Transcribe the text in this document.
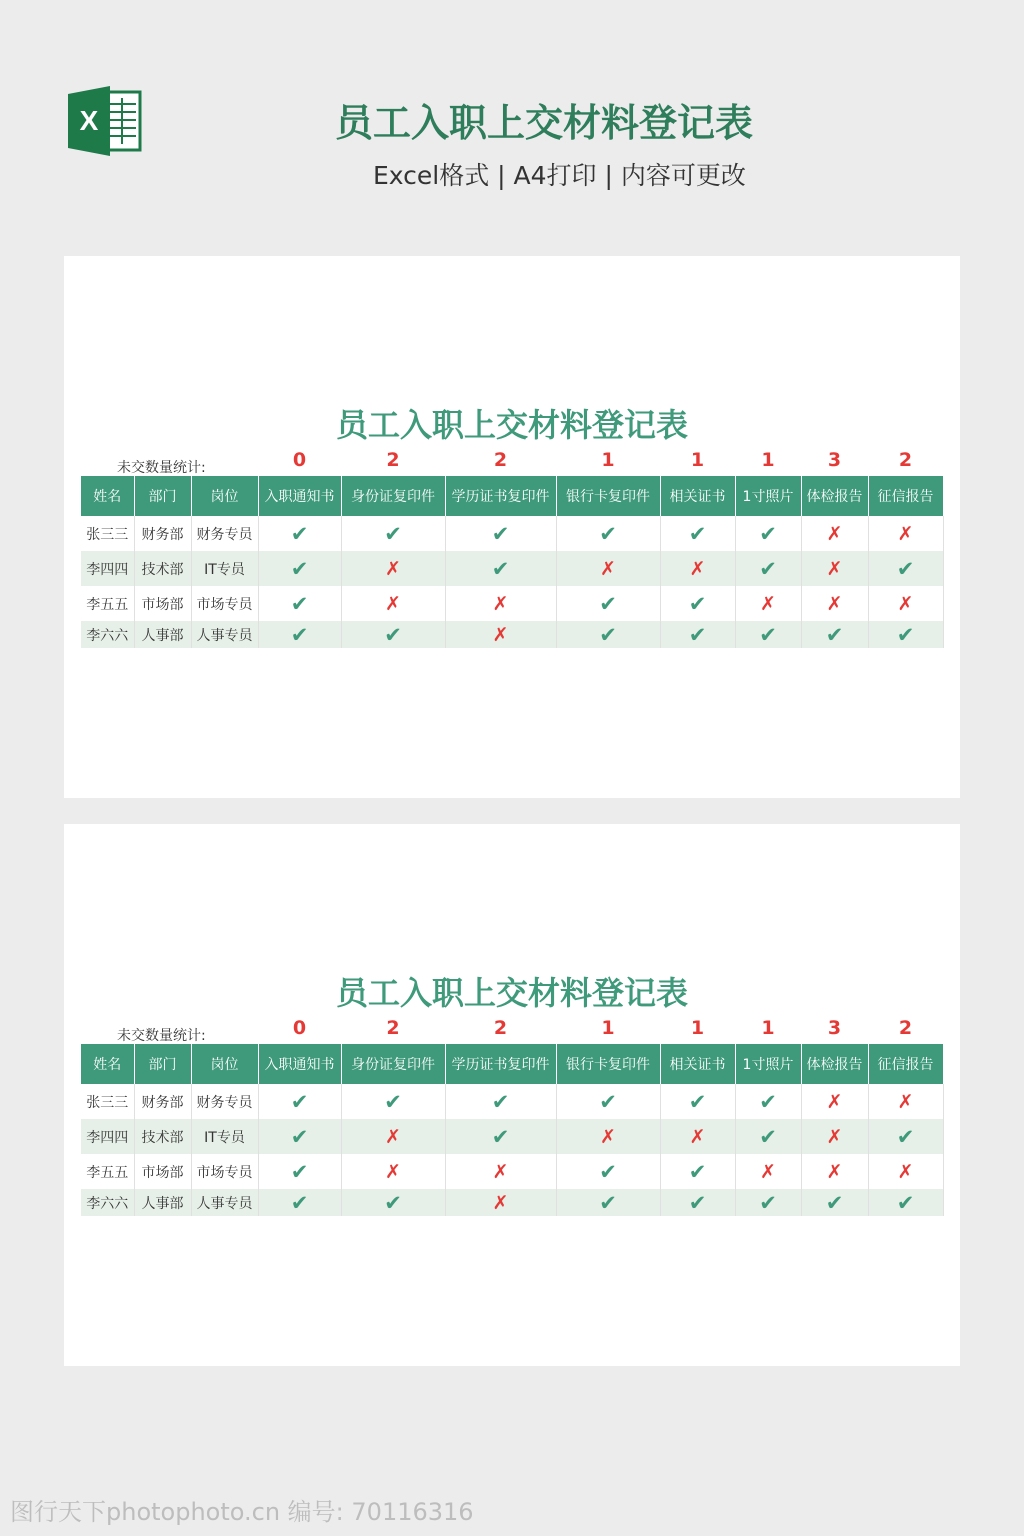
X	员工入职上交材料登记表
Excel格式 | A4打印 | 内容可更改
员工入职上交材料登记表
未交数量统计:	0	2	2	1	1	1	3	2
姓名	部门	岗位	入职通知书	身份证复印件	学历证书复印件	银行卡复印件	相关证书	1寸照片	体检报告	征信报告
张三三	财务部	财务专员	✔	✔	✔	✔	✔	✔	✗	✗
李四四	技术部	IT专员	✔	✗	✔	✗	✗	✔	✗	✔
李五五	市场部	市场专员	✔	✗	✗	✔	✔	✗	✗	✗
李六六	人事部	人事专员	✔	✔	✗	✔	✔	✔	✔	✔
员工入职上交材料登记表
未交数量统计:	0	2	2	1	1	1	3	2
姓名	部门	岗位	入职通知书	身份证复印件	学历证书复印件	银行卡复印件	相关证书	1寸照片	体检报告	征信报告
张三三	财务部	财务专员	✔	✔	✔	✔	✔	✔	✗	✗
李四四	技术部	IT专员	✔	✗	✔	✗	✗	✔	✗	✔
李五五	市场部	市场专员	✔	✗	✗	✔	✔	✗	✗	✗
李六六	人事部	人事专员	✔	✔	✗	✔	✔	✔	✔	✔
图行天下photophoto.cn 编号: 70116316
